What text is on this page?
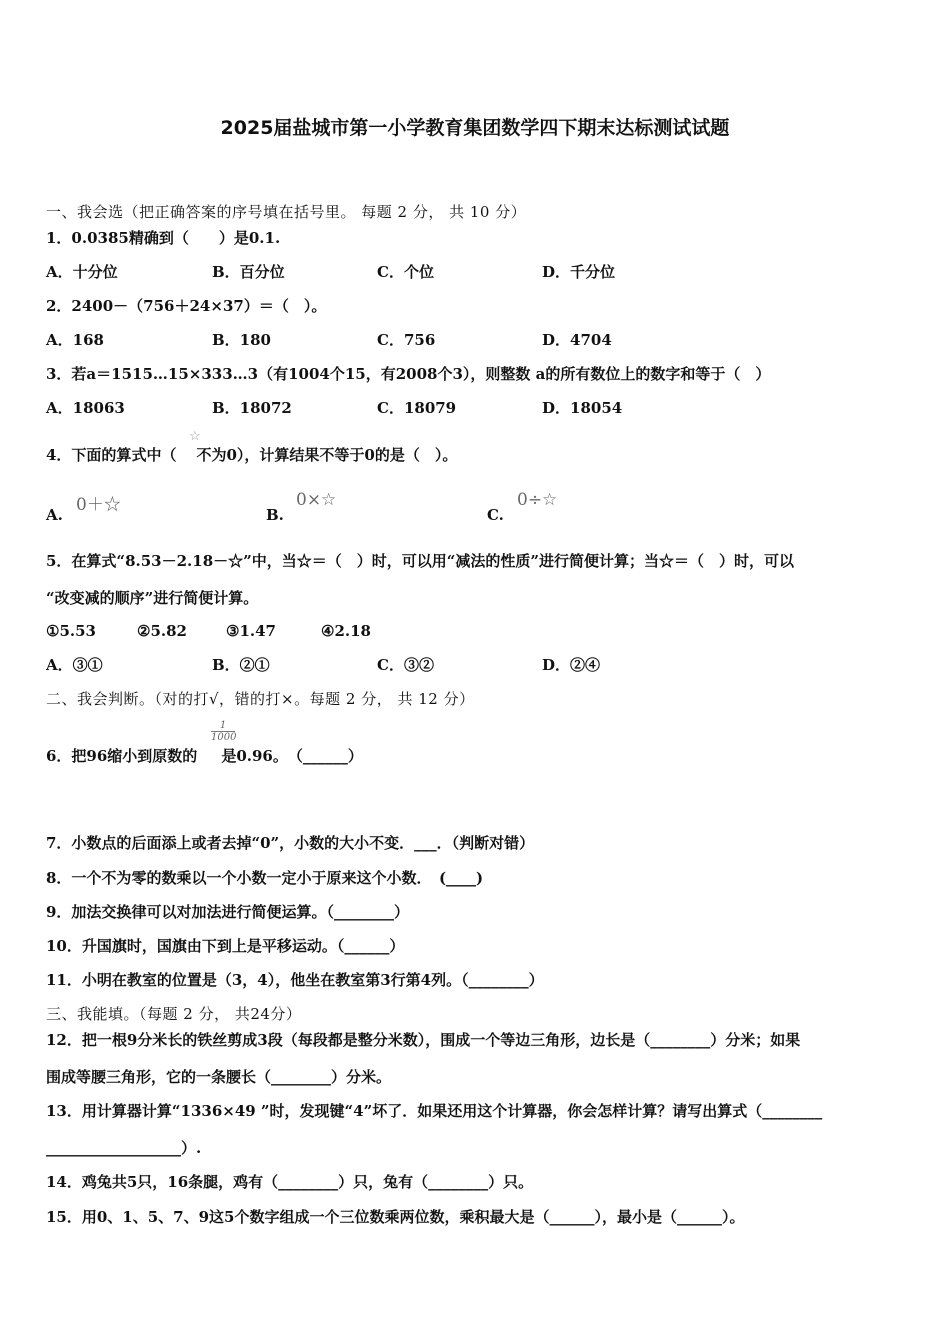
2025届盐城市第一小学教育集团数学四下期末达标测试试题
一、我会选（把正确答案的序号填在括号里。 每题 2 分， 共 10 分）
1．0.0385精确到（　　）是0.1.
A．十分位	B．百分位	C．个位	D．千分位
2．2400－（756＋24×37）＝（　）。
A．168	B．180	C．756	D．4704
3．若a＝1515…15×333…3（有1004个15，有2008个3），则整数 a的所有数位上的数字和等于（　）
A．18063	B．18072	C．18079	D．18054
4．下面的算式中（ 不为0），计算结果不等于0的是（　）。
☆
A. 0＋☆	B.
0×☆
C.
0÷☆
5．在算式“8.53－2.18－☆”中，当☆＝（　）时，可以用“减法的性质”进行简便计算；当☆＝（　）时，可以
“改变减的顺序”进行简便计算。
①5.53	②5.82	③1.47	④2.18
A．③①	B．②①	C．③②	D．②④
二、我会判断。（对的打√，错的打×。每题 2 分， 共 12 分）
6．把96缩小到原数的 是0.96。　（______）
$\frac{1}{1000}$
7．小数点的后面添上或者去掉“0”，小数的大小不变．___．（判断对错）
8．一个不为零的数乘以一个小数一定小于原来这个小数．　(____)
9．加法交换律可以对加法进行简便运算。（________）
10．升国旗时，国旗由下到上是平移运动。（______）
11．小明在教室的位置是（3，4），他坐在教室第3行第4列。（________）
三、我能填。（每题 2 分， 共24分）
12．把一根9分米长的铁丝剪成3段（每段都是整分米数），围成一个等边三角形，边长是（________）分米；如果
围成等腰三角形，它的一条腰长（________）分米。
13．用计算器计算“1336×49 ”时，发现键“4”坏了．如果还用这个计算器，你会怎样计算？请写出算式（________
__________________）.
14．鸡兔共5只，16条腿，鸡有（________）只，兔有（________）只。
15．用0、1、5、7、9这5个数字组成一个三位数乘两位数，乘积最大是（______），最小是（______）。
